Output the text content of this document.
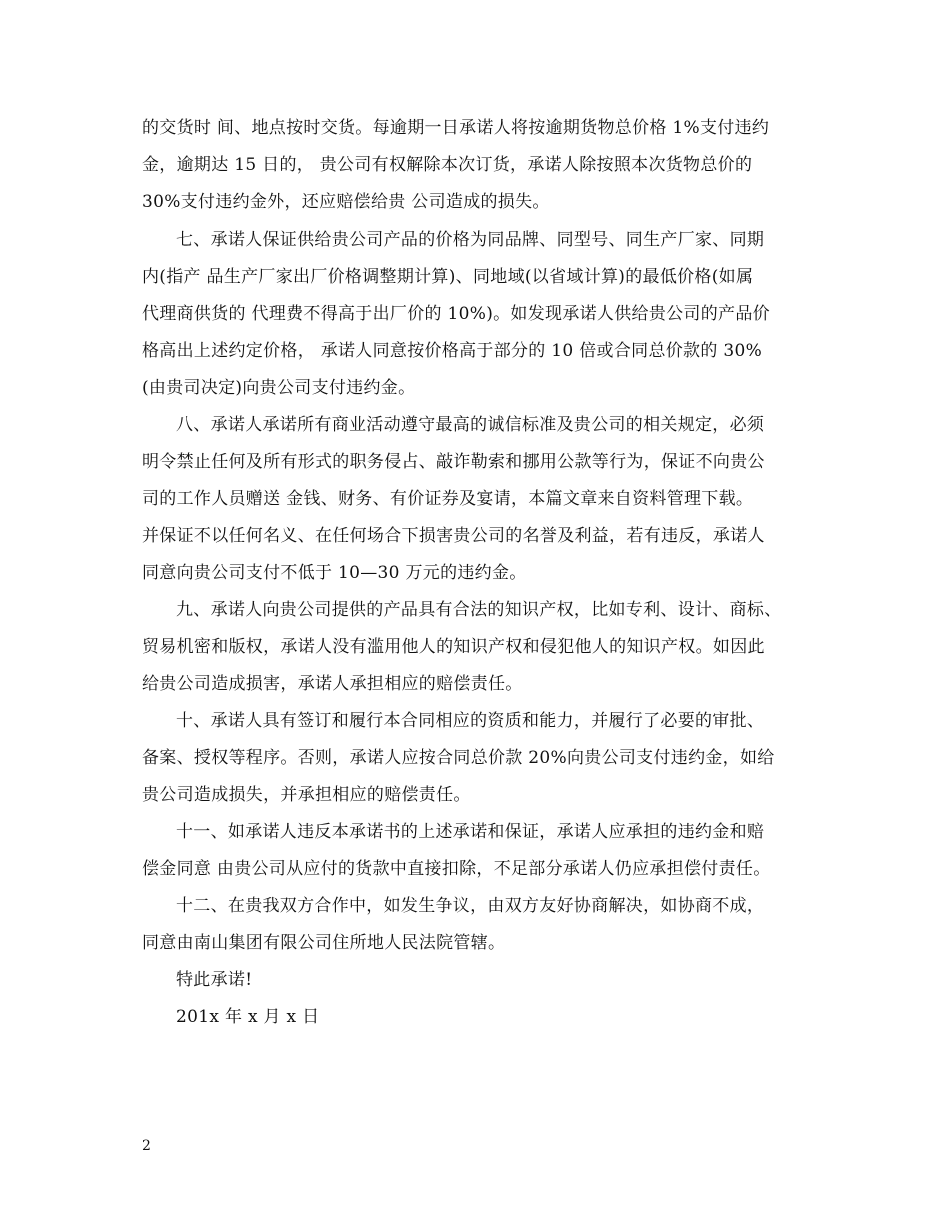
的交货时 间、地点按时交货。每逾期一日承诺人将按逾期货物总价格 1%支付违约
金，逾期达 15 日的， 贵公司有权解除本次订货，承诺人除按照本次货物总价的
30%支付违约金外，还应赔偿给贵 公司造成的损失。
七、承诺人保证供给贵公司产品的价格为同品牌、同型号、同生产厂家、同期
内(指产 品生产厂家出厂价格调整期计算)、同地域(以省域计算)的最低价格(如属
代理商供货的 代理费不得高于出厂价的 10%)。如发现承诺人供给贵公司的产品价
格高出上述约定价格， 承诺人同意按价格高于部分的 10 倍或合同总价款的 30%
(由贵司决定)向贵公司支付违约金。
八、承诺人承诺所有商业活动遵守最高的诚信标准及贵公司的相关规定，必须
明令禁止任何及所有形式的职务侵占、敲诈勒索和挪用公款等行为，保证不向贵公
司的工作人员赠送 金钱、财务、有价证券及宴请，本篇文章来自资料管理下载。
并保证不以任何名义、在任何场合下损害贵公司的名誉及利益，若有违反，承诺人
同意向贵公司支付不低于 10—30 万元的违约金。
九、承诺人向贵公司提供的产品具有合法的知识产权，比如专利、设计、商标、
贸易机密和版权，承诺人没有滥用他人的知识产权和侵犯他人的知识产权。如因此
给贵公司造成损害，承诺人承担相应的赔偿责任。
十、承诺人具有签订和履行本合同相应的资质和能力，并履行了必要的审批、
备案、授权等程序。否则，承诺人应按合同总价款 20%向贵公司支付违约金，如给
贵公司造成损失，并承担相应的赔偿责任。
十一、如承诺人违反本承诺书的上述承诺和保证，承诺人应承担的违约金和赔
偿金同意 由贵公司从应付的货款中直接扣除，不足部分承诺人仍应承担偿付责任。
十二、在贵我双方合作中，如发生争议，由双方友好协商解决，如协商不成，
同意由南山集团有限公司住所地人民法院管辖。
特此承诺!
201x 年 x 月 x 日
2
